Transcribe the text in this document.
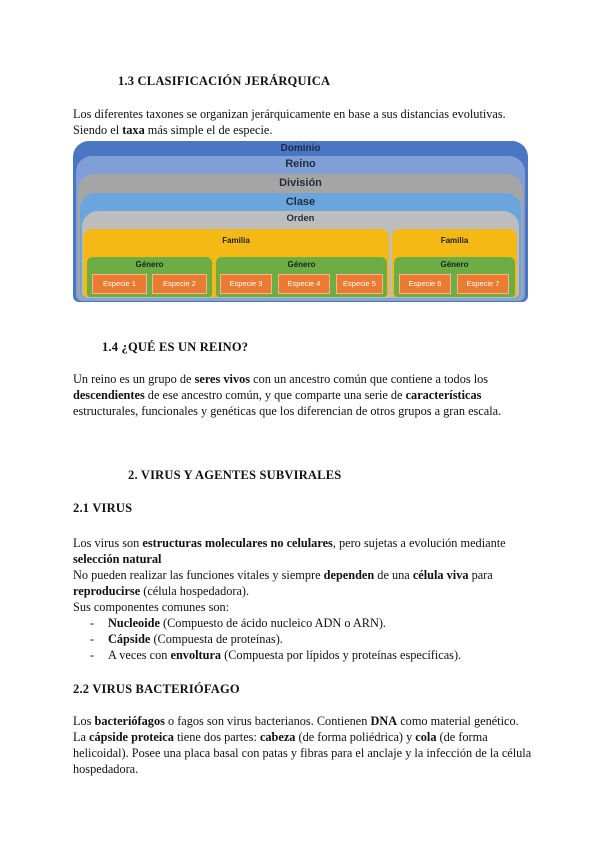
1.3 CLASIFICACIÓN JERÁRQUICA
Los diferentes taxones se organizan jerárquicamente en base a sus distancias evolutivas.
Siendo el taxa más simple el de especie.
Dominio
Reino
División
Clase
Orden
Familia
Género
Especie 1	Especie 2
Género
Especie 3	Especie 4	Especie 5
Familia
Género
Especie 6	Especie 7
1.4 ¿QUÉ ES UN REINO?
Un reino es un grupo de seres vivos con un ancestro común que contiene a todos los
descendientes de ese ancestro común, y que comparte una serie de características
estructurales, funcionales y genéticas que los diferencian de otros grupos a gran escala.
2. VIRUS Y AGENTES SUBVIRALES
2.1 VIRUS
Los virus son estructuras moleculares no celulares, pero sujetas a evolución mediante
selección natural
No pueden realizar las funciones vitales y siempre dependen de una célula viva para
reproducirse (célula hospedadora).
Sus componentes comunes son:
- Nucleoide (Compuesto de ácido nucleico ADN o ARN).
- Cápside (Compuesta de proteínas).
- A veces con envoltura (Compuesta por lípidos y proteínas específicas).
2.2 VIRUS BACTERIÓFAGO
Los bacteriófagos o fagos son virus bacterianos. Contienen DNA como material genético.
La cápside proteica tiene dos partes: cabeza (de forma poliédrica) y cola (de forma
helicoidal). Posee una placa basal con patas y fibras para el anclaje y la infección de la célula
hospedadora.
